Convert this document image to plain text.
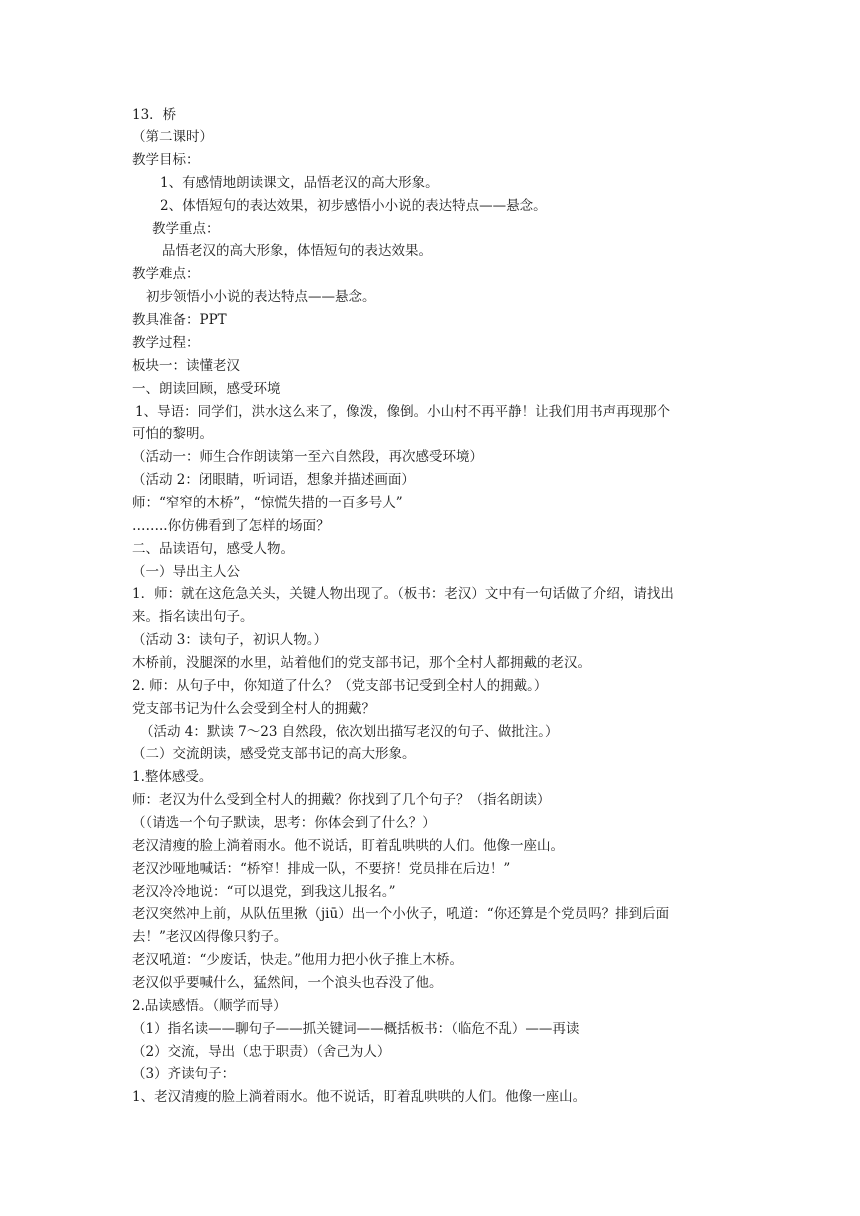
13．桥
（第二课时）
教学目标：
1、有感情地朗读课文，品悟老汉的高大形象。
2、体悟短句的表达效果，初步感悟小小说的表达特点——悬念。
教学重点：
品悟老汉的高大形象，体悟短句的表达效果。
教学难点：
初步领悟小小说的表达特点——悬念。
教具准备：PPT
教学过程：
板块一：读懂老汉
一、朗读回顾，感受环境
1、导语：同学们，洪水这么来了，像泼，像倒。小山村不再平静！让我们用书声再现那个
可怕的黎明。
（活动一：师生合作朗读第一至六自然段，再次感受环境）
（活动 2：闭眼睛，听词语，想象并描述画面）
师：“窄窄的木桥”，“惊慌失措的一百多号人”
……..你仿佛看到了怎样的场面？
二、品读语句，感受人物。
（一）导出主人公
1．师：就在这危急关头，关键人物出现了。（板书：老汉）文中有一句话做了介绍，请找出
来。指名读出句子。
（活动 3：读句子，初识人物。）
木桥前，没腿深的水里，站着他们的党支部书记，那个全村人都拥戴的老汉。
2. 师：从句子中，你知道了什么？（党支部书记受到全村人的拥戴。）
党支部书记为什么会受到全村人的拥戴？
（活动 4：默读 7～23 自然段，依次划出描写老汉的句子、做批注。）
（二）交流朗读，感受党支部书记的高大形象。
1.整体感受。
师：老汉为什么受到全村人的拥戴？你找到了几个句子？（指名朗读）
（（请选一个句子默读，思考：你体会到了什么？）
老汉清瘦的脸上淌着雨水。他不说话，盯着乱哄哄的人们。他像一座山。
老汉沙哑地喊话：“桥窄！排成一队，不要挤！党员排在后边！”
老汉冷冷地说：“可以退党，到我这儿报名。”
老汉突然冲上前，从队伍里揪（jiū）出一个小伙子，吼道：“你还算是个党员吗？排到后面
去！”老汉凶得像只豹子。
老汉吼道：“少废话，快走。”他用力把小伙子推上木桥。
老汉似乎要喊什么，猛然间，一个浪头也吞没了他。
2.品读感悟。（顺学而导）
（1）指名读——聊句子——抓关键词——概括板书：（临危不乱）——再读
（2）交流，导出（忠于职责）（舍己为人）
（3）齐读句子：
1、老汉清瘦的脸上淌着雨水。他不说话，盯着乱哄哄的人们。他像一座山。
